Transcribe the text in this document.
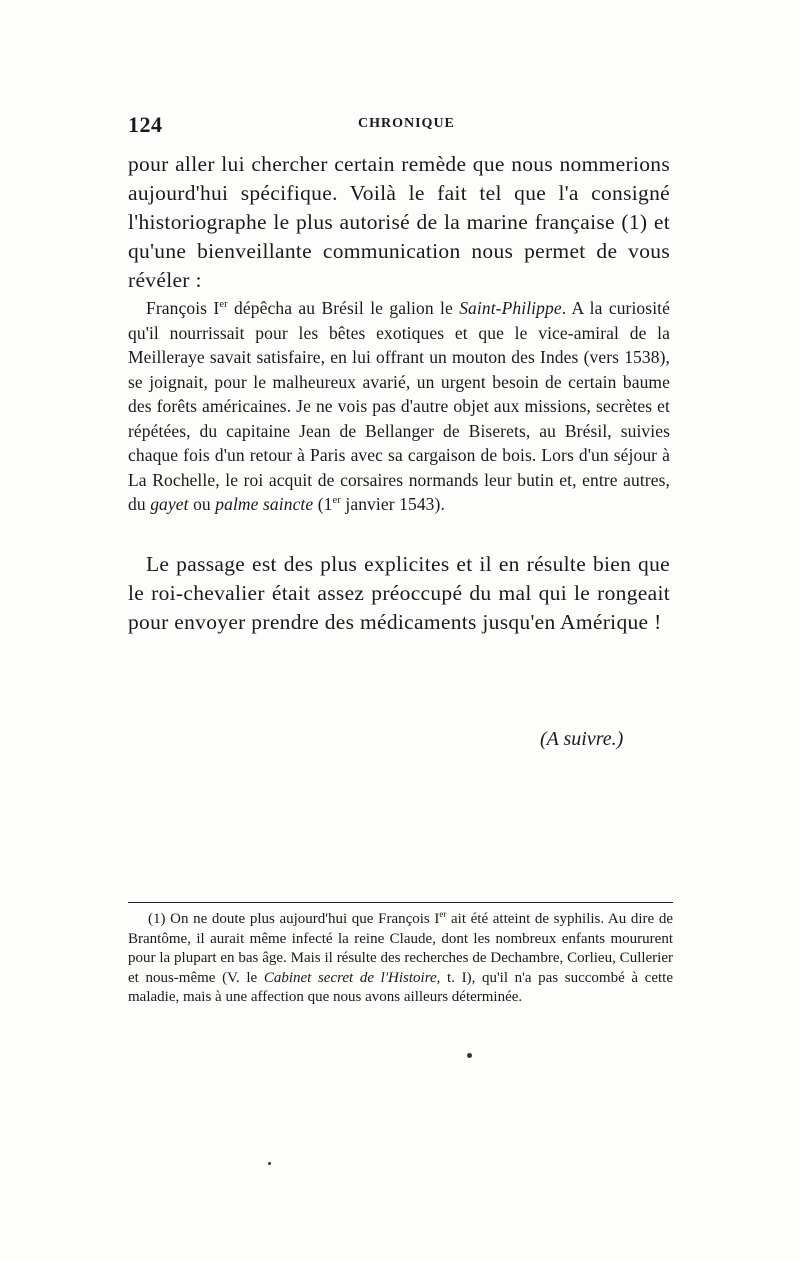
124	CHRONIQUE

pour aller lui chercher certain remède que nous nommerions aujourd'hui spécifique. Voilà le fait tel que l'a consigné l'historiographe le plus autorisé de la marine française (1) et qu'une bienveillante communication nous permet de vous révéler :

François Ier dépêcha au Brésil le galion le Saint-Philippe. A la curiosité qu'il nourrissait pour les bêtes exotiques et que le vice-amiral de la Meilleraye savait satisfaire, en lui offrant un mouton des Indes (vers 1538), se joignait, pour le malheureux avarié, un urgent besoin de certain baume des forêts américaines. Je ne vois pas d'autre objet aux missions, secrètes et répétées, du capitaine Jean de Bellanger de Biserets, au Brésil, suivies chaque fois d'un retour à Paris avec sa cargaison de bois. Lors d'un séjour à La Rochelle, le roi acquit de corsaires normands leur butin et, entre autres, du gayet ou palme saincte (1er janvier 1543).

Le passage est des plus explicites et il en résulte bien que le roi-chevalier était assez préoccupé du mal qui le rongeait pour envoyer prendre des médicaments jusqu'en Amérique !

(A suivre.)

(1) On ne doute plus aujourd'hui que François Ier ait été atteint de syphilis. Au dire de Brantôme, il aurait même infecté la reine Claude, dont les nombreux enfants moururent pour la plupart en bas âge. Mais il résulte des recherches de Dechambre, Corlieu, Cullerier et nous-même (V. le Cabinet secret de l'Histoire, t. I), qu'il n'a pas succombé à cette maladie, mais à une affection que nous avons ailleurs déterminée.
